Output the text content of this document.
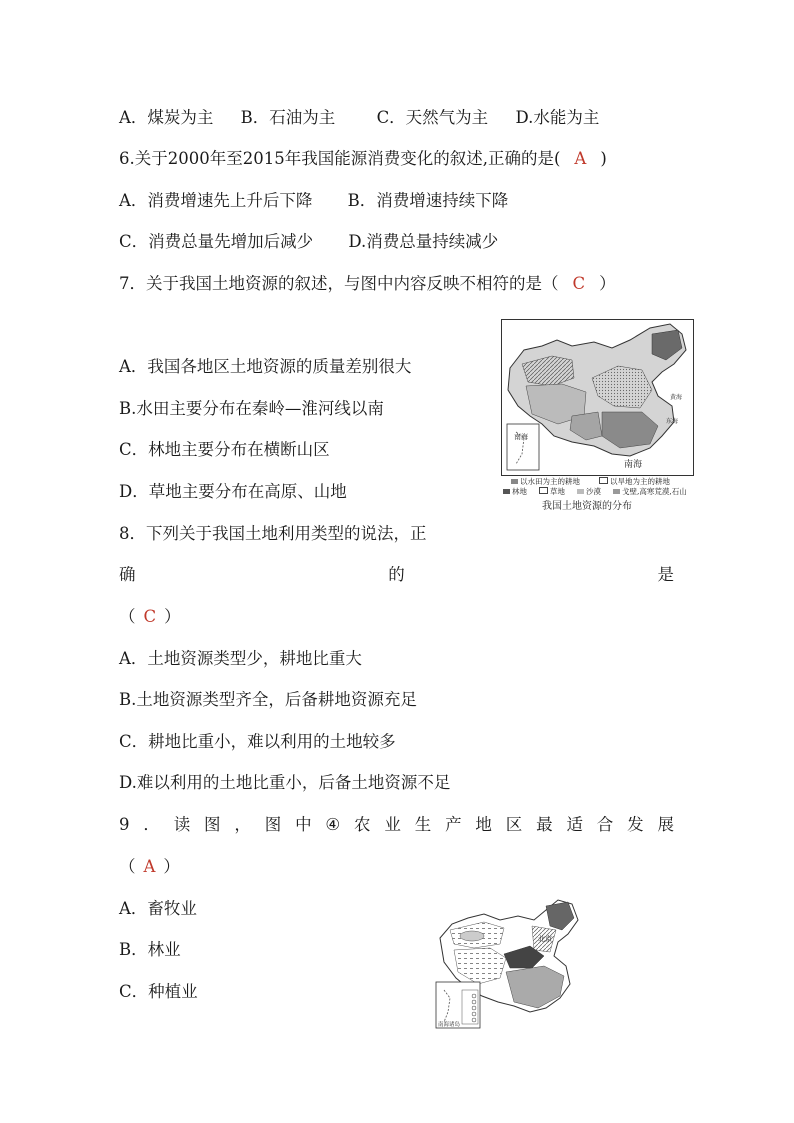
A．煤炭为主 B．石油为主	C．天然气为主 D.水能为主
6.关于2000年至2015年我国能源消费变化的叙述,正确的是( A )
A．消费增速先上升后下降 B．消费增速持续下降
C．消费总量先增加后减少 D.消费总量持续减少
7．关于我国土地资源的叙述，与图中内容反映不相符的是（ C ）
A．我国各地区土地资源的质量差别很大
B.水田主要分布在秦岭—淮河线以南
C．林地主要分布在横断山区
D．草地主要分布在高原、山地
南海
南海
黄海
东海
以水田为主的耕地	以旱地为主的耕地
林地	草地	沙漠	戈壁,高寒荒漠,石山
我国土地资源的分布
8．下列关于我国土地利用类型的说法，正
确	的	是
（ C ）
A．土地资源类型少，耕地比重大
B.土地资源类型齐全，后备耕地资源充足
C．耕地比重小，难以利用的土地较多
D.难以利用的土地比重小，后备土地资源不足
9 ． 读 图 ， 图 中 ④ 农 业 生 产 地 区 最 适 合 发 展
（ A ）
A．畜牧业
B．林业
C．种植业
北京
南海诸岛
